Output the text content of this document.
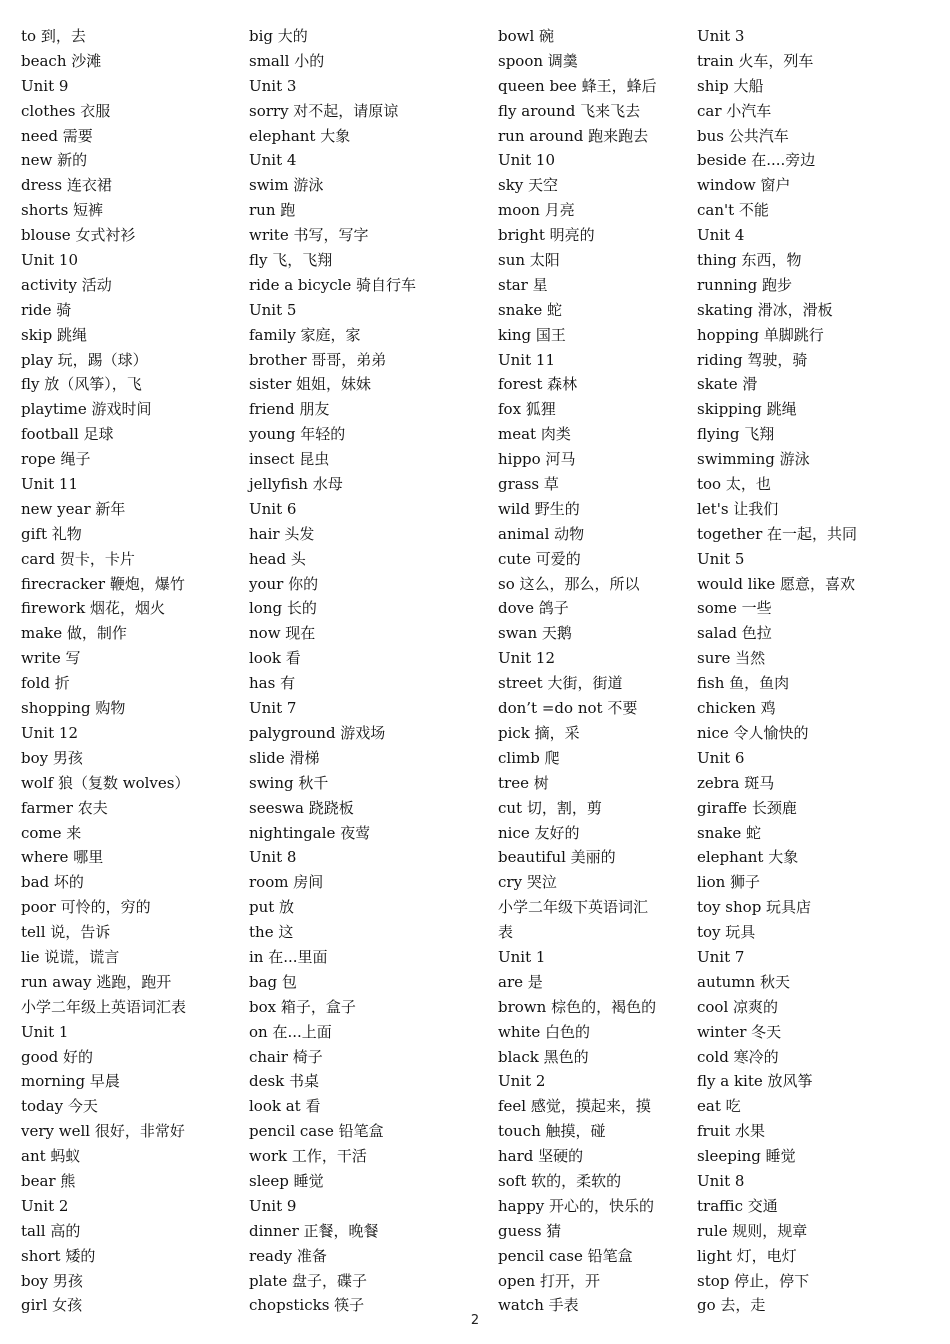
to 到，去
beach 沙滩
Unit 9
clothes 衣服
need 需要
new 新的
dress 连衣裙
shorts 短裤
blouse 女式衬衫
Unit 10
activity 活动
ride 骑
skip 跳绳
play 玩，踢（球）
fly 放（风筝），飞
playtime 游戏时间
football 足球
rope 绳子
Unit 11
new year 新年
gift 礼物
card 贺卡，卡片
firecracker 鞭炮，爆竹
firework 烟花，烟火
make 做，制作
write 写
fold 折
shopping 购物
Unit 12
boy 男孩
wolf 狼（复数 wolves）
farmer 农夫
come 来
where 哪里
bad 坏的
poor 可怜的，穷的
tell 说，告诉
lie 说谎，谎言
run away 逃跑，跑开
小学二年级上英语词汇表
Unit 1
good 好的
morning 早晨
today 今天
very well 很好，非常好
ant 蚂蚁
bear 熊
Unit 2
tall 高的
short 矮的
boy 男孩
girl 女孩
big 大的
small 小的
Unit 3
sorry 对不起，请原谅
elephant 大象
Unit 4
swim 游泳
run 跑
write 书写，写字
fly 飞，飞翔
ride a bicycle 骑自行车
Unit 5
family 家庭，家
brother 哥哥，弟弟
sister 姐姐，妹妹
friend 朋友
young 年轻的
insect 昆虫
jellyfish 水母
Unit 6
hair 头发
head 头
your 你的
long 长的
now 现在
look 看
has 有
Unit 7
palyground 游戏场
slide 滑梯
swing 秋千
seeswa 跷跷板
nightingale 夜莺
Unit 8
room 房间
put 放
the 这
in 在...里面
bag 包
box 箱子，盒子
on 在...上面
chair 椅子
desk 书桌
look at 看
pencil case 铅笔盒
work 工作，干活
sleep 睡觉
Unit 9
dinner 正餐，晚餐
ready 准备
plate 盘子，碟子
chopsticks 筷子
bowl 碗
spoon 调羹
queen bee 蜂王，蜂后
fly around 飞来飞去
run around 跑来跑去
Unit 10
sky 天空
moon 月亮
bright 明亮的
sun 太阳
star 星
snake 蛇
king 国王
Unit 11
forest 森林
fox 狐狸
meat 肉类
hippo 河马
grass 草
wild 野生的
animal 动物
cute 可爱的
so 这么，那么，所以
dove 鸽子
swan 天鹅
Unit 12
street 大街，街道
don’t =do not 不要
pick 摘，采
climb 爬
tree 树
cut 切，割，剪
nice 友好的
beautiful 美丽的
cry 哭泣
小学二年级下英语词汇
表
Unit 1
are 是
brown 棕色的，褐色的
white 白色的
black 黑色的
Unit 2
feel 感觉，摸起来，摸
touch 触摸，碰
hard 坚硬的
soft 软的，柔软的
happy 开心的，快乐的
guess 猜
pencil case 铅笔盒
open 打开，开
watch 手表
Unit 3
train 火车，列车
ship 大船
car 小汽车
bus 公共汽车
beside 在....旁边
window 窗户
can't 不能
Unit 4
thing 东西，物
running 跑步
skating 滑冰，滑板
hopping 单脚跳行
riding 驾驶，骑
skate 滑
skipping 跳绳
flying 飞翔
swimming 游泳
too 太，也
let's 让我们
together 在一起，共同
Unit 5
would like 愿意，喜欢
some 一些
salad 色拉
sure 当然
fish 鱼，鱼肉
chicken 鸡
nice 令人愉快的
Unit 6
zebra 斑马
giraffe 长颈鹿
snake 蛇
elephant 大象
lion 狮子
toy shop 玩具店
toy 玩具
Unit 7
autumn 秋天
cool 凉爽的
winter 冬天
cold 寒冷的
fly a kite 放风筝
eat 吃
fruit 水果
sleeping 睡觉
Unit 8
traffic 交通
rule 规则，规章
light 灯，电灯
stop 停止，停下
go 去，走
2
